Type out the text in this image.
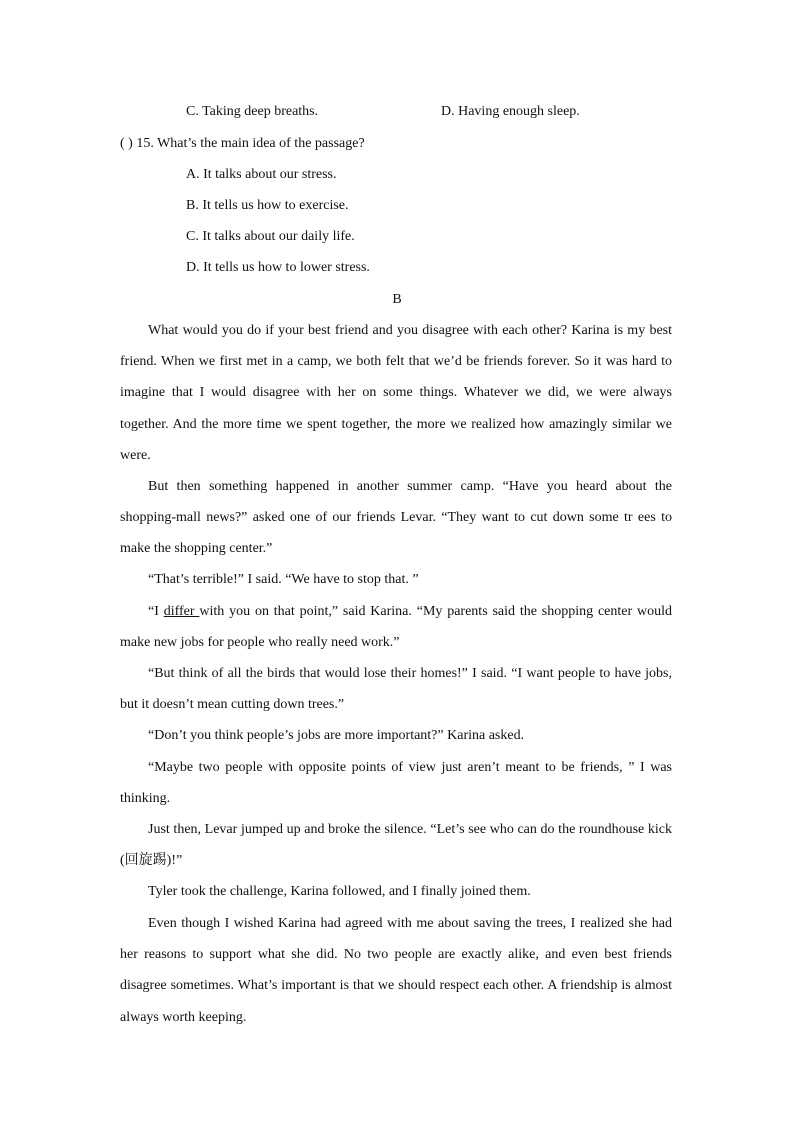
C. Taking deep breaths.	D. Having enough sleep.
( ) 15. What’s the main idea of the passage?
A. It talks about our stress.
B. It tells us how to exercise.
C. It talks about our daily life.
D. It tells us how to lower stress.
B

What would you do if your best friend and you disagree with each other? Karina is my best friend. When we first met in a camp, we both felt that we’d be friends forever. So it was hard to imagine that I would disagree with her on some things. Whatever we did, we were always together. And the more time we spent together, the more we realized how amazingly similar we were.

But then something happened in another summer camp. “Have you heard about the shopping-mall news?” asked one of our friends Levar. “They want to cut down some tr ees to make the shopping center.”

“That’s terrible!” I said. “We have to stop that. ”

“I differ with you on that point,” said Karina. “My parents said the shopping center would make new jobs for people who really need work.”

“But think of all the birds that would lose their homes!” I said. “I want people to have jobs, but it doesn’t mean cutting down trees.”

“Don’t you think people’s jobs are more important?” Karina asked.

“Maybe two people with opposite points of view just aren’t meant to be friends, ” I was thinking.

Just then, Levar jumped up and broke the silence. “Let’s see who can do the roundhouse kick (回旋踢)!”

Tyler took the challenge, Karina followed, and I finally joined them.

Even though I wished Karina had agreed with me about saving the trees, I realized she had her reasons to support what she did. No two people are exactly alike, and even best friends disagree sometimes. What’s important is that we should respect each other. A friendship is almost always worth keeping.
